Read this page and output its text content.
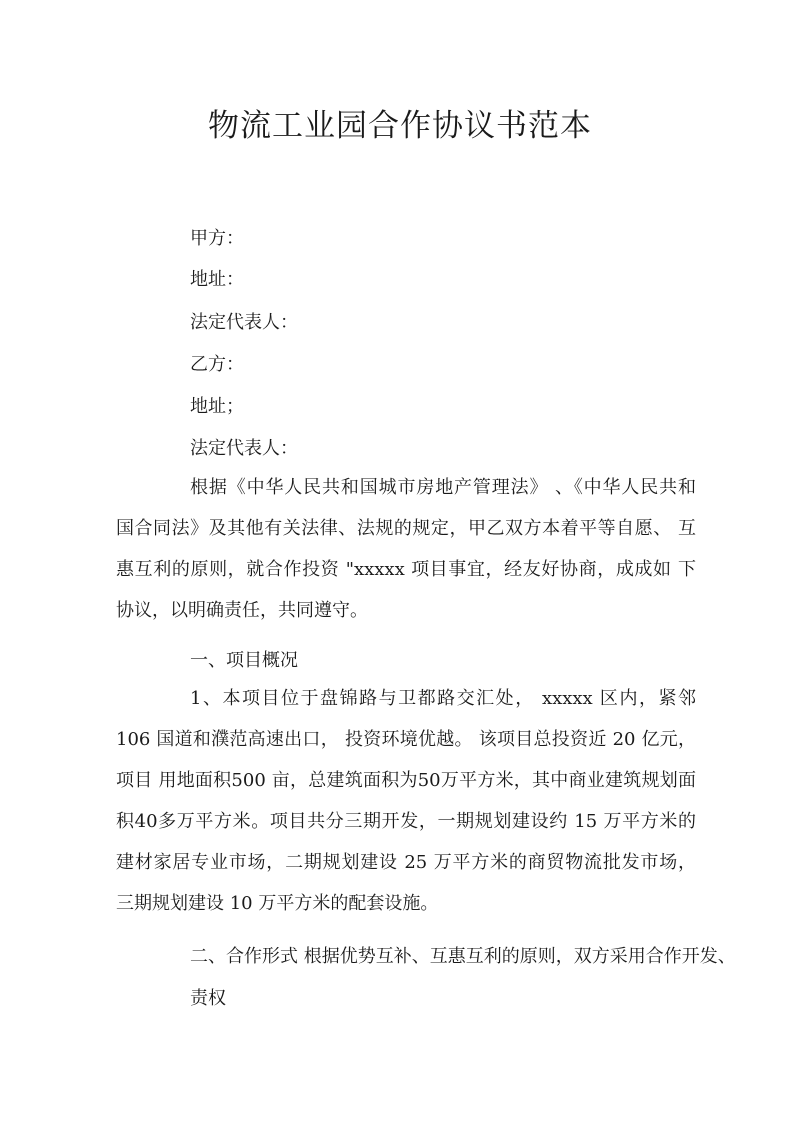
物流工业园合作协议书范本

甲方：

地址：

法定代表人：

乙方：

地址；

法定代表人：

根据《中华人民共和国城市房地产管理法》 、《中华人民共和 国合同法》及其他有关法律、法规的规定，甲乙双方本着平等自愿、 互惠互利的原则，就合作投资 "xxxxx 项目事宜，经友好协商，成成如 下协议，以明确责任，共同遵守。

一、项目概况

1、本项目位于盘锦路与卫都路交汇处， xxxxx 区内，紧邻 106 国道和濮范高速出口， 投资环境优越。 该项目总投资近 20 亿元，项目 用地面积500 亩，总建筑面积为50万平方米，其中商业建筑规划面积40多万平方米。项目共分三期开发，一期规划建设约 15 万平方米的 建材家居专业市场，二期规划建设 25 万平方米的商贸物流批发市场， 三期规划建设 10 万平方米的配套设施。

二、合作形式 根据优势互补、互惠互利的原则，双方采用合作开发、

责权
